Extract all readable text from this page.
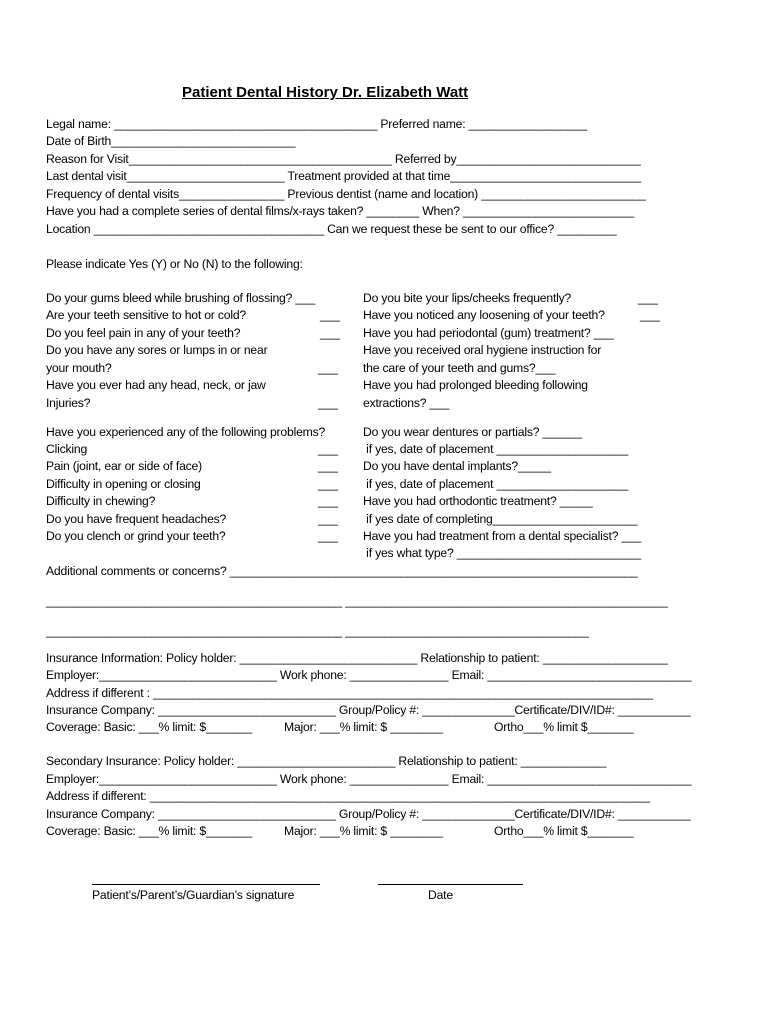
Patient Dental History Dr. Elizabeth Watt
Legal name: ________________________________________ Preferred name: __________________
Date of Birth____________________________
Reason for Visit________________________________________ Referred by____________________________
Last dental visit________________________ Treatment provided at that time_____________________________
Frequency of dental visits________________ Previous dentist (name and location) _________________________
Have you had a complete series of dental films/x-rays taken? ________ When? __________________________
Location ___________________________________ Can we request these be sent to our office? _________
Please indicate Yes (Y) or No (N) to the following:
Do your gums bleed while brushing of flossing? ___
Are your teeth sensitive to hot or cold?	___
Do you feel pain in any of your teeth?	___
Do you have any sores or lumps in or near
your mouth?	___
Have you ever had any head, neck, or jaw
Injuries?	___
Do you bite your lips/cheeks frequently?	___
Have you noticed any loosening of your teeth?	___
Have you had periodontal (gum) treatment? ___
Have you received oral hygiene instruction for
the care of your teeth and gums?___
Have you had prolonged bleeding following
extractions? ___
Have you experienced any of the following problems?
Clicking	___
Pain (joint, ear or side of face)	___
Difficulty in opening or closing	___
Difficulty in chewing?	___
Do you have frequent headaches?	___
Do you clench or grind your teeth?	___
Do you wear dentures or partials? ______
if yes, date of placement ____________________
Do you have dental implants?_____
if yes, date of placement ____________________
Have you had orthodontic treatment? _____
if yes date of completing______________________
Have you had treatment from a dental specialist? ___
if yes what type? ____________________________
Additional comments or concerns? ______________________________________________________________
_____________________________________________ _________________________________________________
_____________________________________________ _____________________________________
Insurance Information: Policy holder: ___________________________ Relationship to patient: ___________________
Employer:___________________________ Work phone: _______________ Email: _______________________________
Address if different : ____________________________________________________________________________
Insurance Company: ___________________________ Group/Policy #: ______________Certificate/DIV/ID#: ___________
Coverage: Basic: ___% limit: $_______	Major: ___% limit: $ ________	Ortho___% limit $_______
Secondary Insurance: Policy holder: ________________________ Relationship to patient: _____________
Employer:___________________________ Work phone: _______________ Email: _______________________________
Address if different: ____________________________________________________________________________
Insurance Company: ___________________________ Group/Policy #: ______________Certificate/DIV/ID#: ___________
Coverage: Basic: ___% limit: $_______	Major: ___% limit: $ ________	Ortho___% limit $_______
Patient’s/Parent’s/Guardian’s signature	Date
